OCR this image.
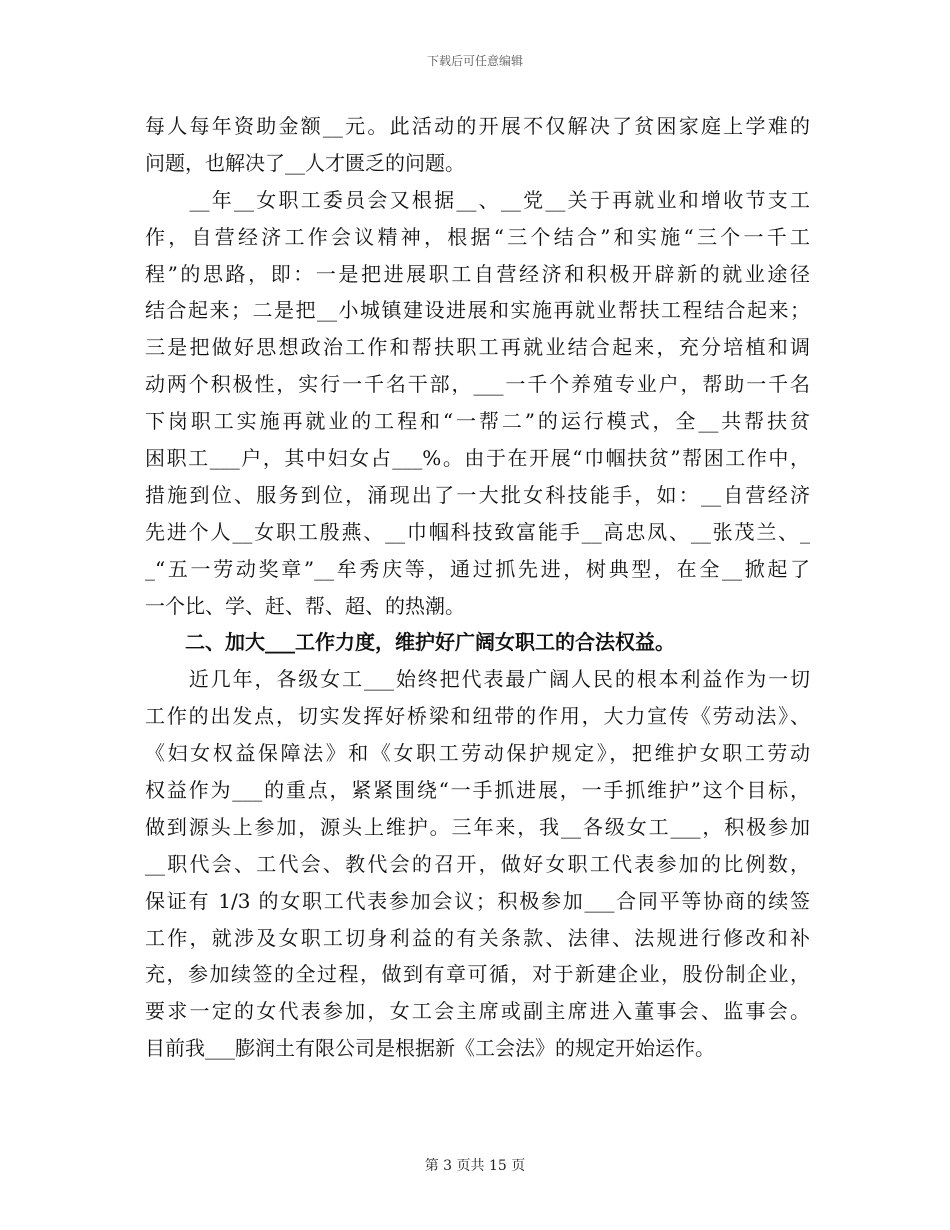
下载后可任意编辑
每人每年资助金额__元。此活动的开展不仅解决了贫困家庭上学难的
问题，也解决了__人才匮乏的问题。
　　__年__女职工委员会又根据__、__党__关于再就业和增收节支工
作，自营经济工作会议精神，根据“三个结合”和实施“三个一千工
程”的思路，即：一是把进展职工自营经济和积极开辟新的就业途径
结合起来；二是把__小城镇建设进展和实施再就业帮扶工程结合起来；
三是把做好思想政治工作和帮扶职工再就业结合起来，充分培植和调
动两个积极性，实行一千名干部，___一千个养殖专业户，帮助一千名
下岗职工实施再就业的工程和“一帮二”的运行模式，全__共帮扶贫
困职工___户，其中妇女占___%。由于在开展“巾帼扶贫”帮困工作中，
措施到位、服务到位，涌现出了一大批女科技能手，如：__自营经济
先进个人__女职工殷燕、__巾帼科技致富能手__高忠凤、__张茂兰、_
_“五一劳动奖章”__牟秀庆等，通过抓先进，树典型，在全__掀起了
一个比、学、赶、帮、超、的热潮。
　　二、加大___工作力度，维护好广阔女职工的合法权益。
　　近几年，各级女工___始终把代表最广阔人民的根本利益作为一切
工作的出发点，切实发挥好桥梁和纽带的作用，大力宣传《劳动法》、
《妇女权益保障法》和《女职工劳动保护规定》，把维护女职工劳动
权益作为___的重点，紧紧围绕“一手抓进展，一手抓维护”这个目标，
做到源头上参加，源头上维护。三年来，我__各级女工___，积极参加
__职代会、工代会、教代会的召开，做好女职工代表参加的比例数，
保证有 1/3 的女职工代表参加会议；积极参加___合同平等协商的续签
工作，就涉及女职工切身利益的有关条款、法律、法规进行修改和补
充，参加续签的全过程，做到有章可循，对于新建企业，股份制企业，
要求一定的女代表参加，女工会主席或副主席进入董事会、监事会。
目前我___膨润土有限公司是根据新《工会法》的规定开始运作。
第 3 页共 15 页
